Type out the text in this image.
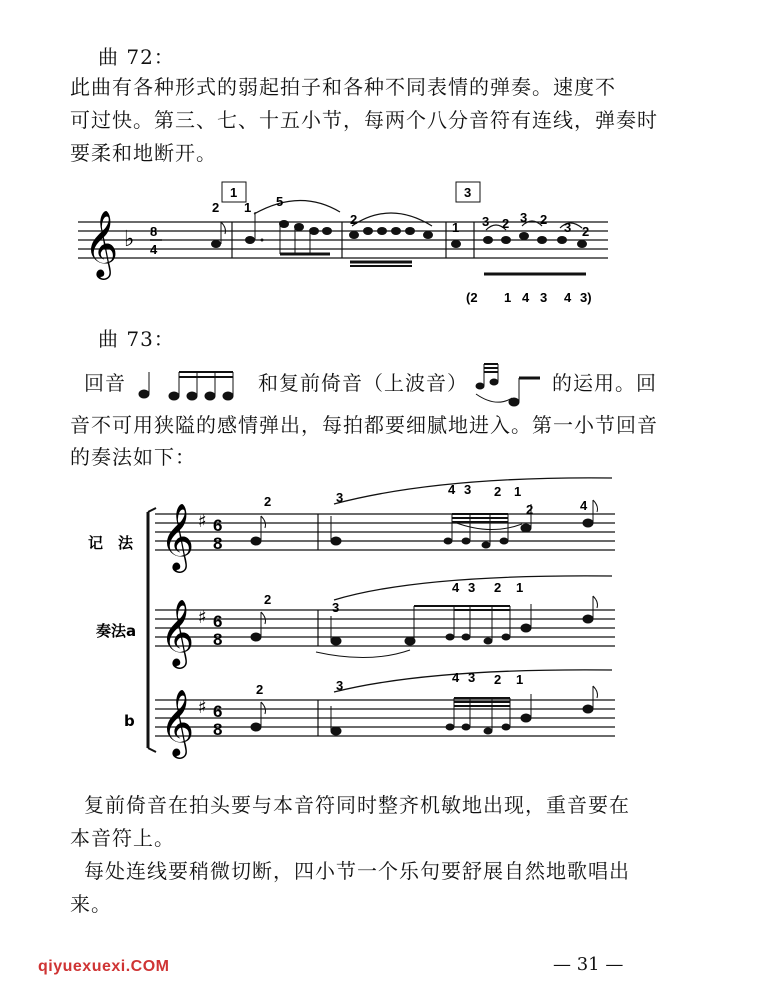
曲 72：
此曲有各种形式的弱起拍子和各种不同表情的弹奏。速度不
可过快。第三、七、十五小节，每两个八分音符有连线，弹奏时
要柔和地断开。
𝄞 ♭ 8
4
1	3
2 1 5
2
1 3 2 3 2
3 2
(2 1 4 3 4 3)
曲 73：
回音	和复前倚音（上波音）	的运用。回
音不可用狭隘的感情弹出，每拍都要细腻地进入。第一小节回音
的奏法如下：
记　法
奏法a
b
𝄞
𝄞
𝄞
♯
♯
♯
6
8
6
8
6
8
2	3
4 3 2 1
2	4
2
3
4 3 2 1
2	3
4 3 2 1
复前倚音在拍头要与本音符同时整齐机敏地出现，重音要在
本音符上。
每处连线要稍微切断，四小节一个乐句要舒展自然地歌唱出
来。
qiyuexuexi.COM	— 31 —
